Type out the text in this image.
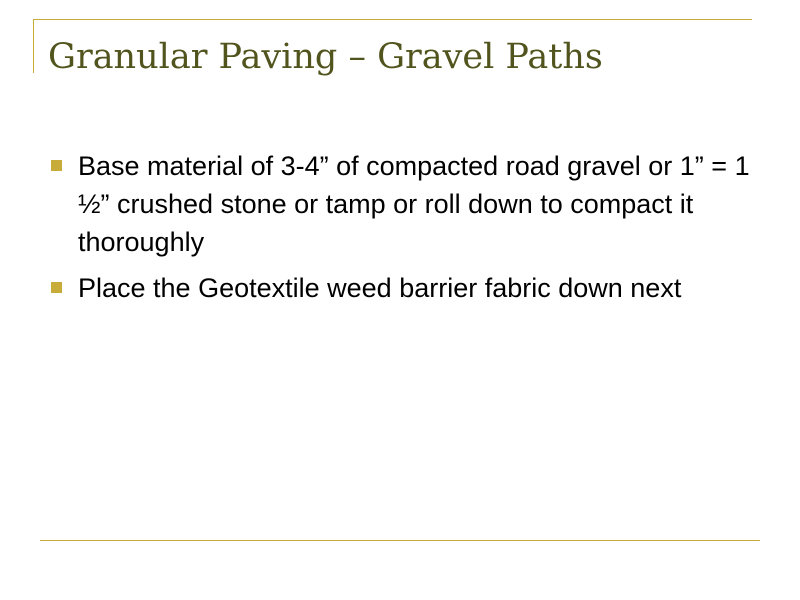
Granular Paving – Gravel Paths
Base material of 3-4” of compacted road gravel or 1” = 1 ½” crushed stone or tamp or roll down to compact it thoroughly
Place the Geotextile weed barrier fabric down next
